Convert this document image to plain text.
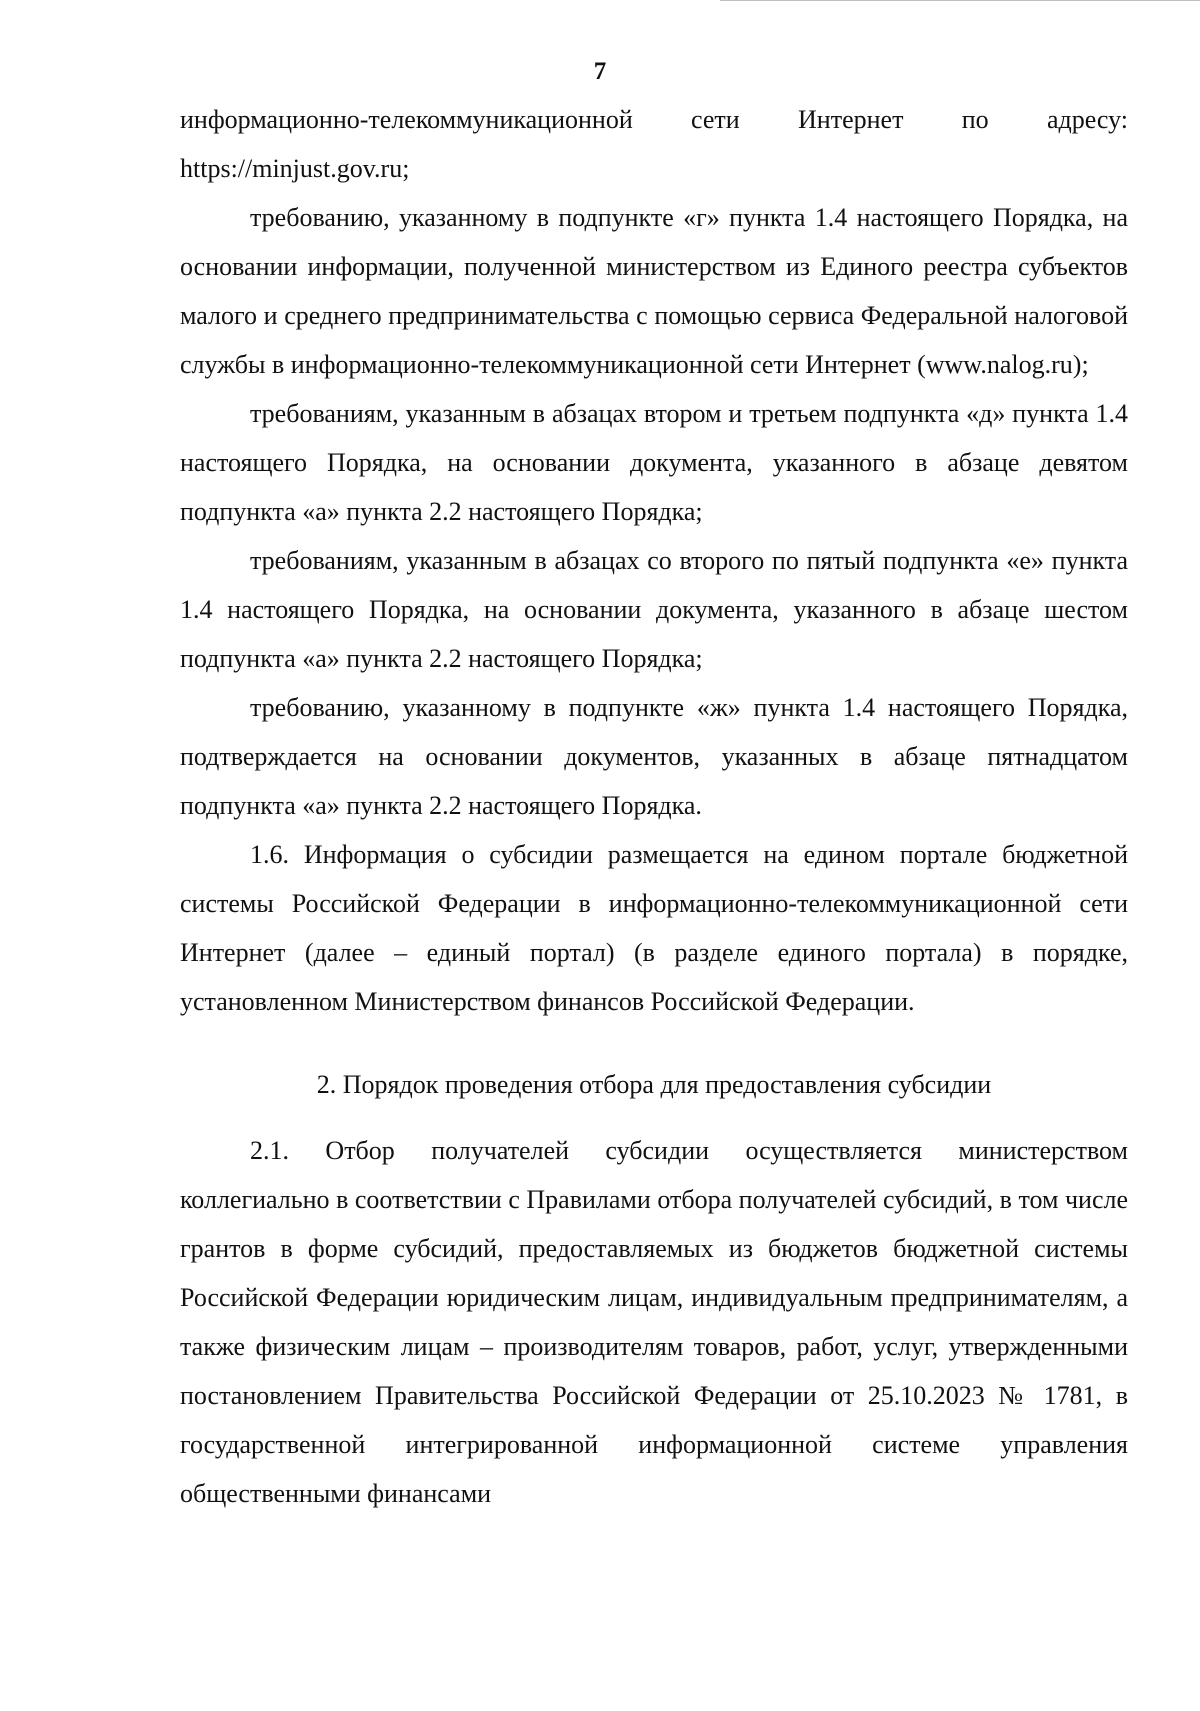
7

информационно-телекоммуникационной сети Интернет по адресу: https://minjust.gov.ru;

требованию, указанному в подпункте «г» пункта 1.4 настоящего Порядка, на основании информации, полученной министерством из Единого реестра субъектов малого и среднего предпринимательства с помощью сервиса Федеральной налоговой службы в информационно-телекоммуникационной сети Интернет (www.nalog.ru);

требованиям, указанным в абзацах втором и третьем подпункта «д» пункта 1.4 настоящего Порядка, на основании документа, указанного в абзаце девятом подпункта «а» пункта 2.2 настоящего Порядка;

требованиям, указанным в абзацах со второго по пятый подпункта «е» пункта 1.4 настоящего Порядка, на основании документа, указанного в абзаце шестом подпункта «а» пункта 2.2 настоящего Порядка;

требованию, указанному в подпункте «ж» пункта 1.4 настоящего Порядка, подтверждается на основании документов, указанных в абзаце пятнадцатом подпункта «а» пункта 2.2 настоящего Порядка.

1.6. Информация о субсидии размещается на едином портале бюджетной системы Российской Федерации в информационно-телекоммуникационной сети Интернет (далее – единый портал) (в разделе единого портала) в порядке, установленном Министерством финансов Российской Федерации.

2. Порядок проведения отбора для предоставления субсидии

2.1. Отбор получателей субсидии осуществляется министерством коллегиально в соответствии с Правилами отбора получателей субсидий, в том числе грантов в форме субсидий, предоставляемых из бюджетов бюджетной системы Российской Федерации юридическим лицам, индивидуальным предпринимателям, а также физическим лицам – производителям товаров, работ, услуг, утвержденными постановлением Правительства Российской Федерации от 25.10.2023 № 1781, в государственной интегрированной информационной системе управления общественными финансами
